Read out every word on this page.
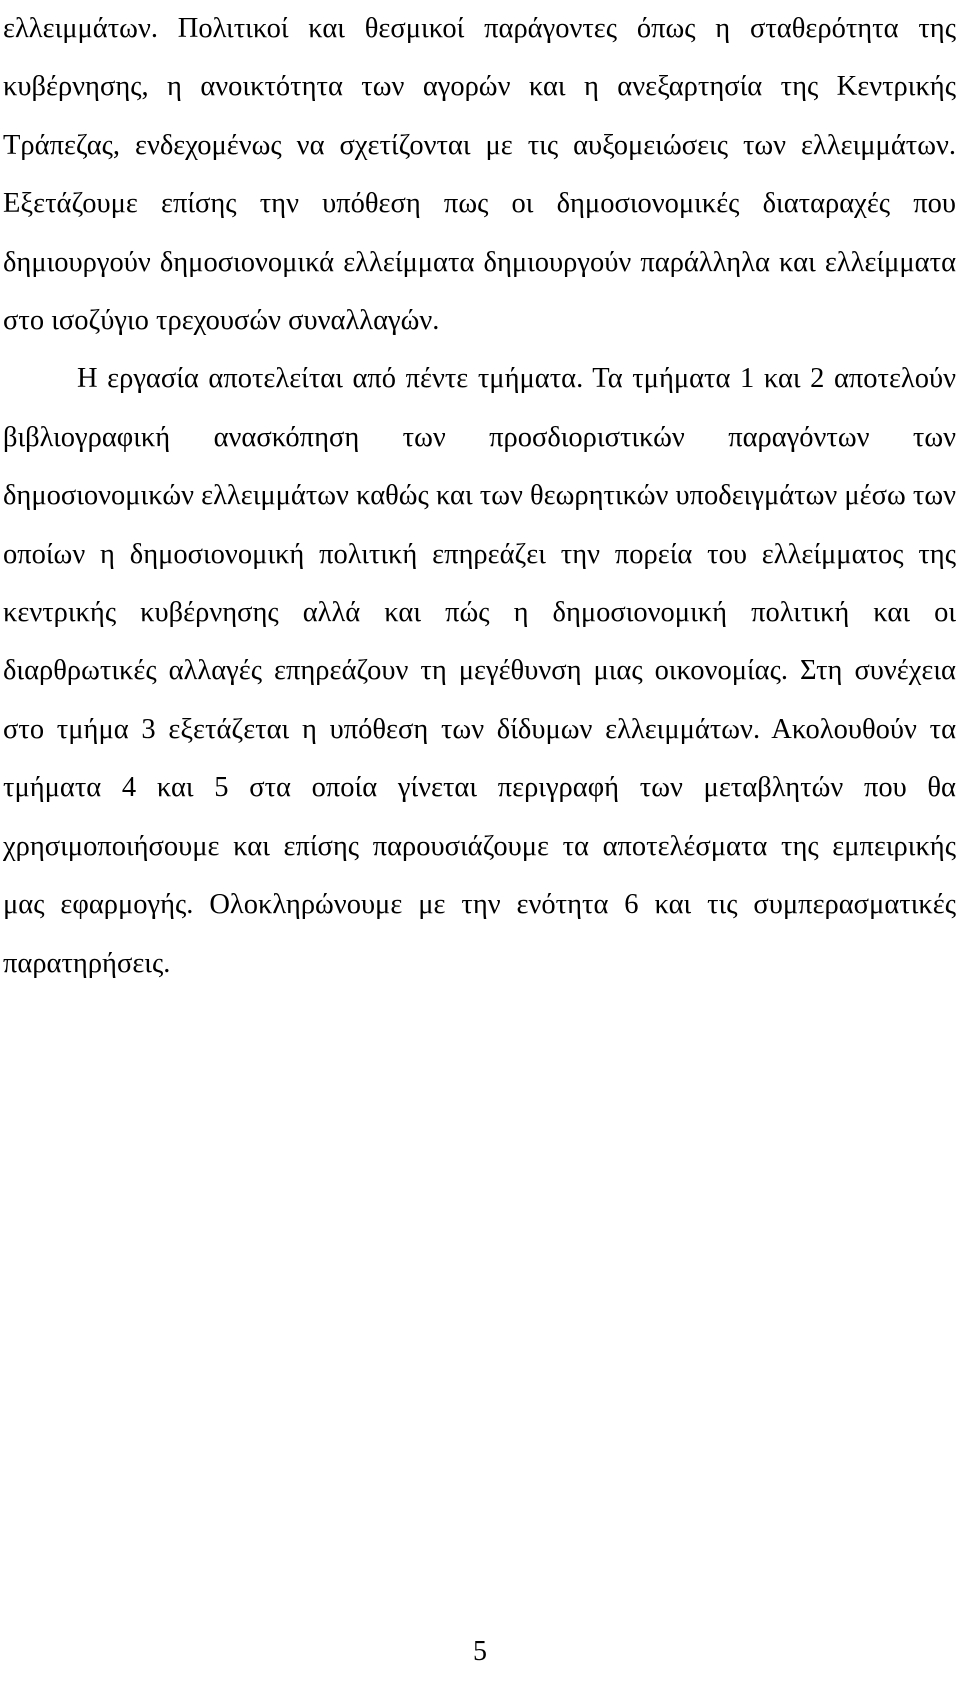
ελλειμμάτων. Πολιτικοί και θεσμικοί παράγοντες όπως η σταθερότητα της κυβέρνησης, η ανοικτότητα των αγορών και η ανεξαρτησία της Κεντρικής Τράπεζας, ενδεχομένως να σχετίζονται με τις αυξομειώσεις των ελλειμμάτων. Εξετάζουμε επίσης την υπόθεση πως οι δημοσιονομικές διαταραχές που δημιουργούν δημοσιονομικά ελλείμματα δημιουργούν παράλληλα και ελλείμματα στο ισοζύγιο τρεχουσών συναλλαγών.

Η εργασία αποτελείται από πέντε τμήματα. Τα τμήματα 1 και 2 αποτελούν βιβλιογραφική ανασκόπηση των προσδιοριστικών παραγόντων των δημοσιονομικών ελλειμμάτων καθώς και των θεωρητικών υποδειγμάτων μέσω των οποίων η δημοσιονομική πολιτική επηρεάζει την πορεία του ελλείμματος της κεντρικής κυβέρνησης αλλά και πώς η δημοσιονομική πολιτική και οι διαρθρωτικές αλλαγές επηρεάζουν τη μεγέθυνση μιας οικονομίας. Στη συνέχεια στο τμήμα 3 εξετάζεται η υπόθεση των δίδυμων ελλειμμάτων. Ακολουθούν τα τμήματα 4 και 5 στα οποία γίνεται περιγραφή των μεταβλητών που θα χρησιμοποιήσουμε και επίσης παρουσιάζουμε τα αποτελέσματα της εμπειρικής μας εφαρμογής. Ολοκληρώνουμε με την ενότητα 6 και τις συμπερασματικές παρατηρήσεις.

5
